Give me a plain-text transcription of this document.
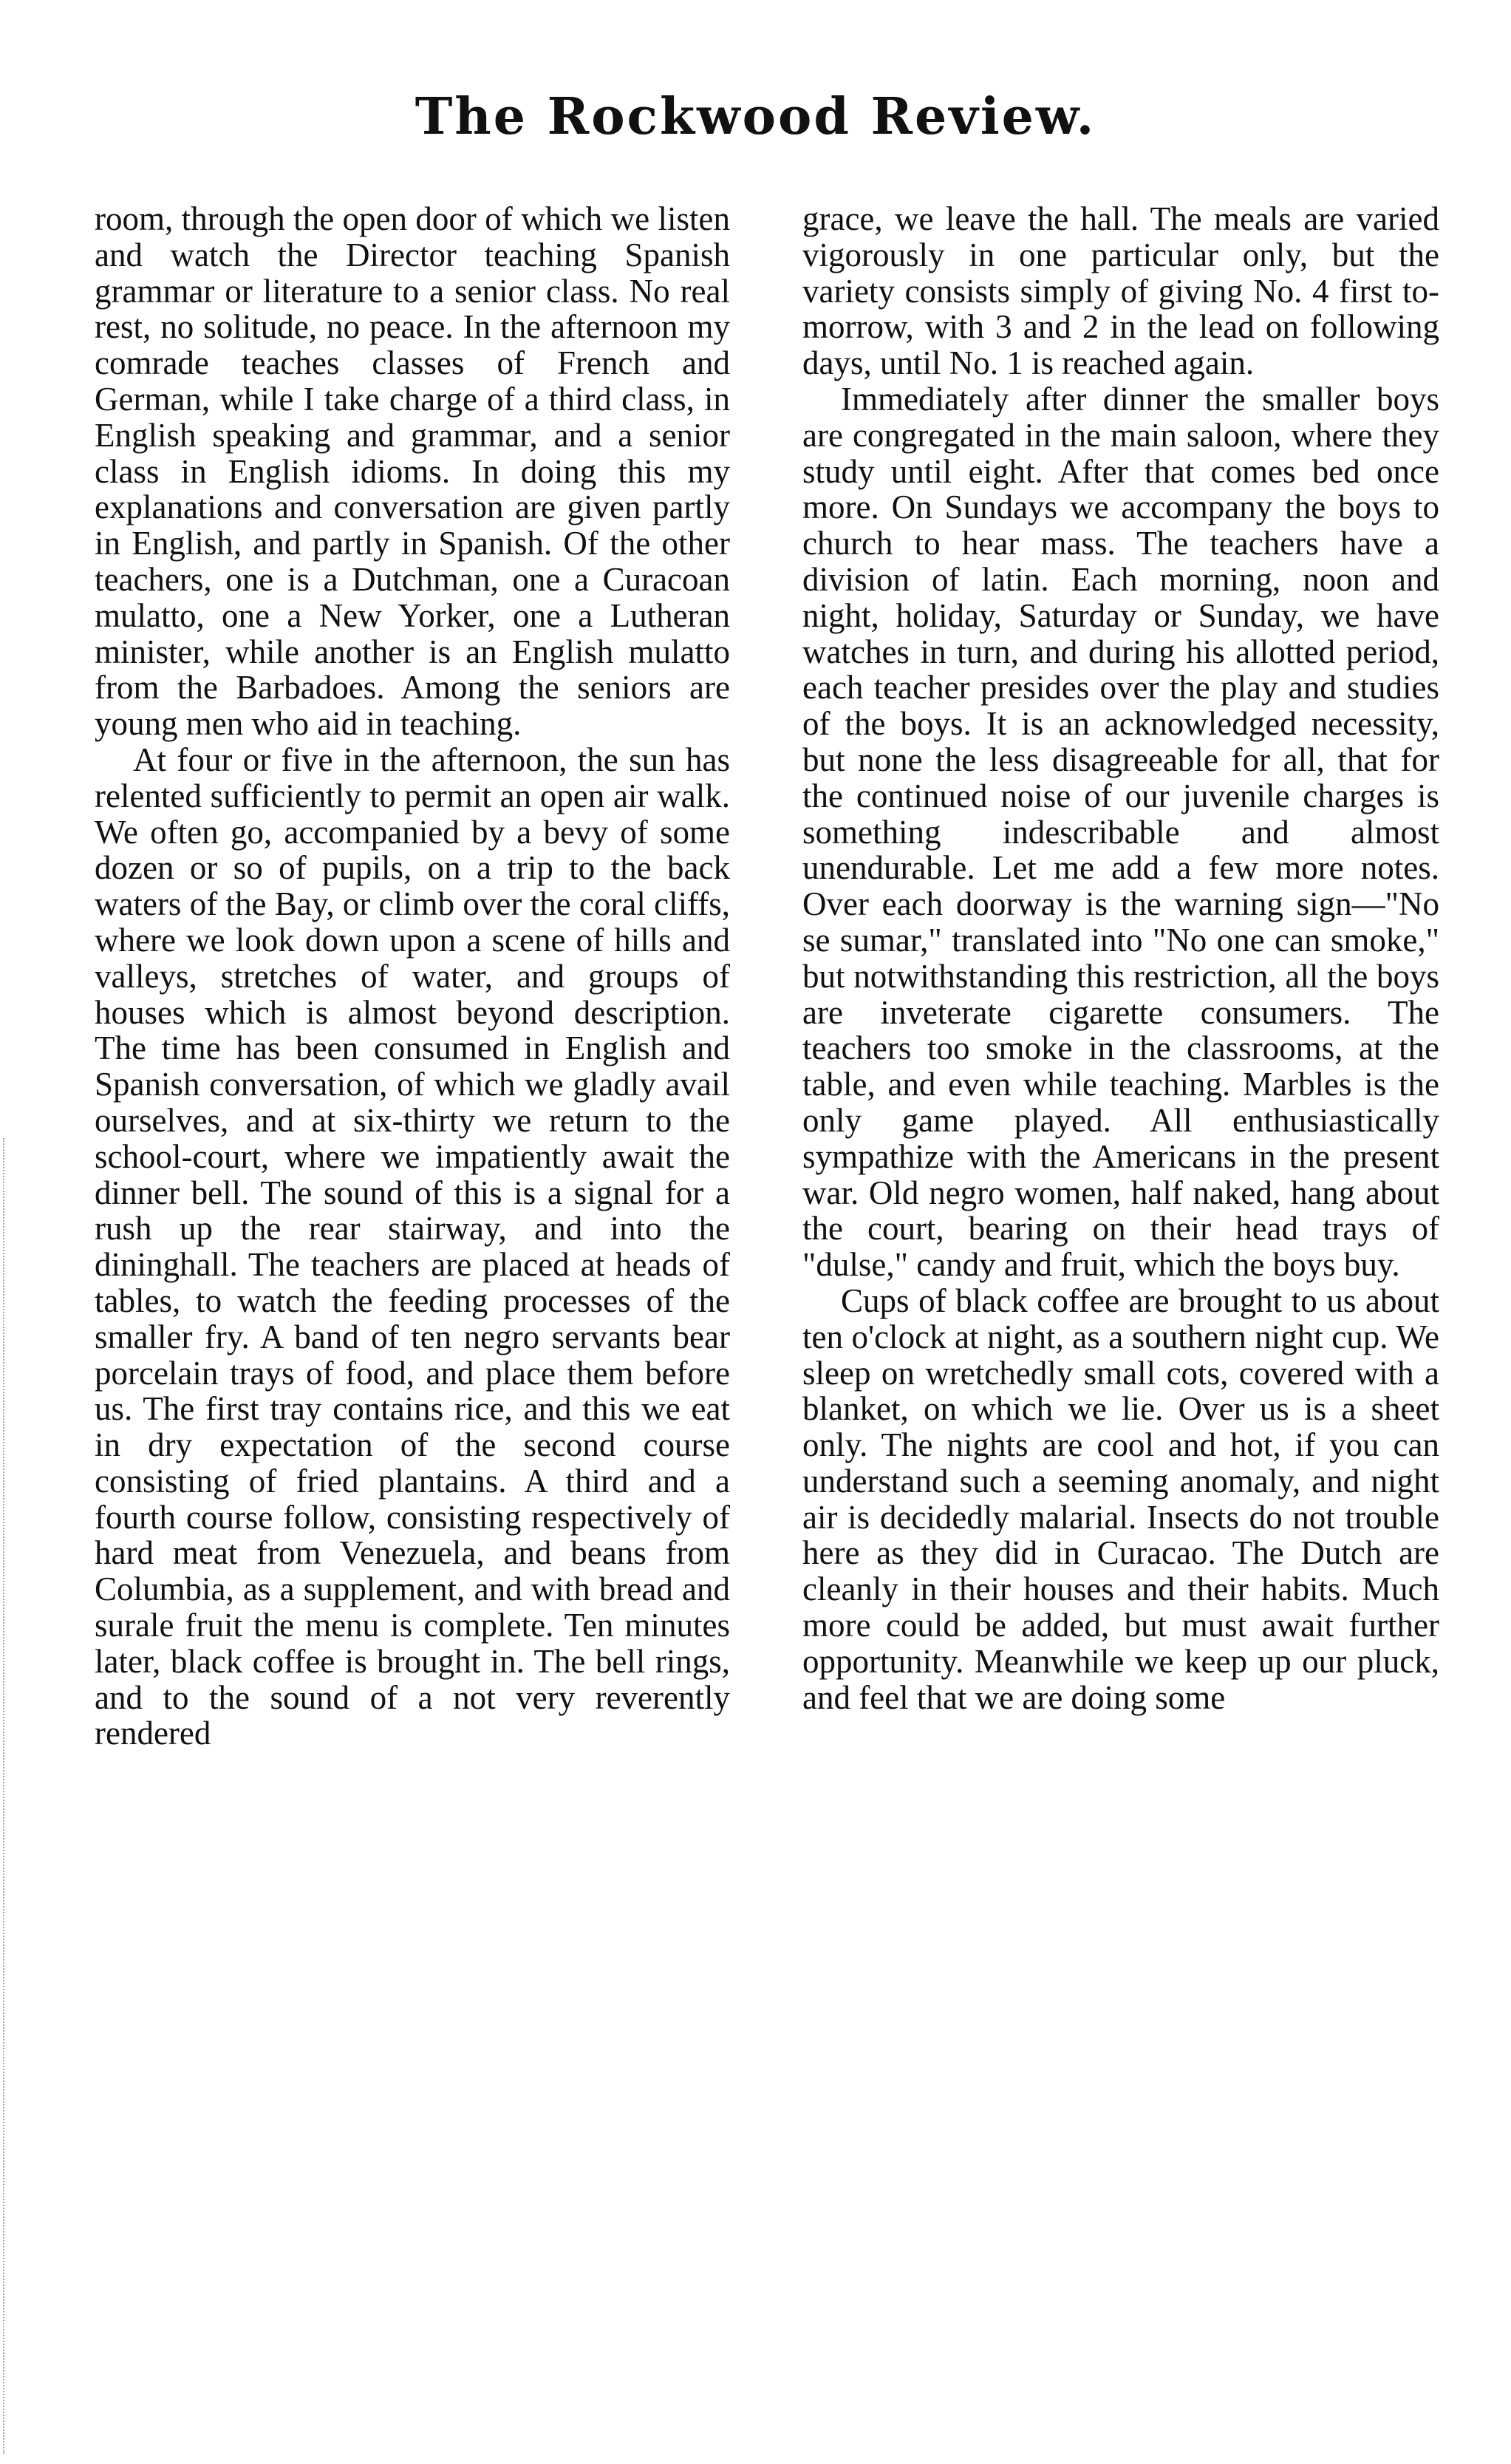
The Rockwood Review.

room, through the open door of which we listen and watch the Director teaching Spanish grammar or literature to a senior class. No real rest, no solitude, no peace. In the afternoon my comrade teaches classes of French and German, while I take charge of a third class, in English speaking and grammar, and a senior class in English idioms. In doing this my explanations and conversation are given partly in English, and partly in Spanish. Of the other teachers, one is a Dutchman, one a Curacoan mulatto, one a New Yorker, one a Lutheran minister, while another is an English mulatto from the Barbadoes. Among the seniors are young men who aid in teaching.

At four or five in the afternoon, the sun has relented sufficiently to permit an open air walk. We often go, accompanied by a bevy of some dozen or so of pupils, on a trip to the back waters of the Bay, or climb over the coral cliffs, where we look down upon a scene of hills and valleys, stretches of water, and groups of houses which is almost beyond description. The time has been consumed in English and Spanish conversation, of which we gladly avail ourselves, and at six-thirty we return to the school-court, where we impatiently await the dinner bell. The sound of this is a signal for a rush up the rear stairway, and into the dininghall. The teachers are placed at heads of tables, to watch the feeding processes of the smaller fry. A band of ten negro servants bear porcelain trays of food, and place them before us. The first tray contains rice, and this we eat in dry expectation of the second course consisting of fried plantains. A third and a fourth course follow, consisting respectively of hard meat from Venezuela, and beans from Columbia, as a supplement, and with bread and surale fruit the menu is complete. Ten minutes later, black coffee is brought in. The bell rings, and to the sound of a not very reverently rendered

grace, we leave the hall. The meals are varied vigorously in one particular only, but the variety consists simply of giving No. 4 first to-morrow, with 3 and 2 in the lead on following days, until No. 1 is reached again.

Immediately after dinner the smaller boys are congregated in the main saloon, where they study until eight. After that comes bed once more. On Sundays we accompany the boys to church to hear mass. The teachers have a division of latin. Each morning, noon and night, holiday, Saturday or Sunday, we have watches in turn, and during his allotted period, each teacher presides over the play and studies of the boys. It is an acknowledged necessity, but none the less disagreeable for all, that for the continued noise of our juvenile charges is something indescribable and almost unendurable. Let me add a few more notes. Over each doorway is the warning sign—"No se sumar," translated into "No one can smoke," but notwithstanding this restriction, all the boys are inveterate cigarette consumers. The teachers too smoke in the classrooms, at the table, and even while teaching. Marbles is the only game played. All enthusiastically sympathize with the Americans in the present war. Old negro women, half naked, hang about the court, bearing on their head trays of "dulse," candy and fruit, which the boys buy.

Cups of black coffee are brought to us about ten o'clock at night, as a southern night cup. We sleep on wretchedly small cots, covered with a blanket, on which we lie. Over us is a sheet only. The nights are cool and hot, if you can understand such a seeming anomaly, and night air is decidedly malarial. Insects do not trouble here as they did in Curacao. The Dutch are cleanly in their houses and their habits. Much more could be added, but must await further opportunity. Meanwhile we keep up our pluck, and feel that we are doing some
